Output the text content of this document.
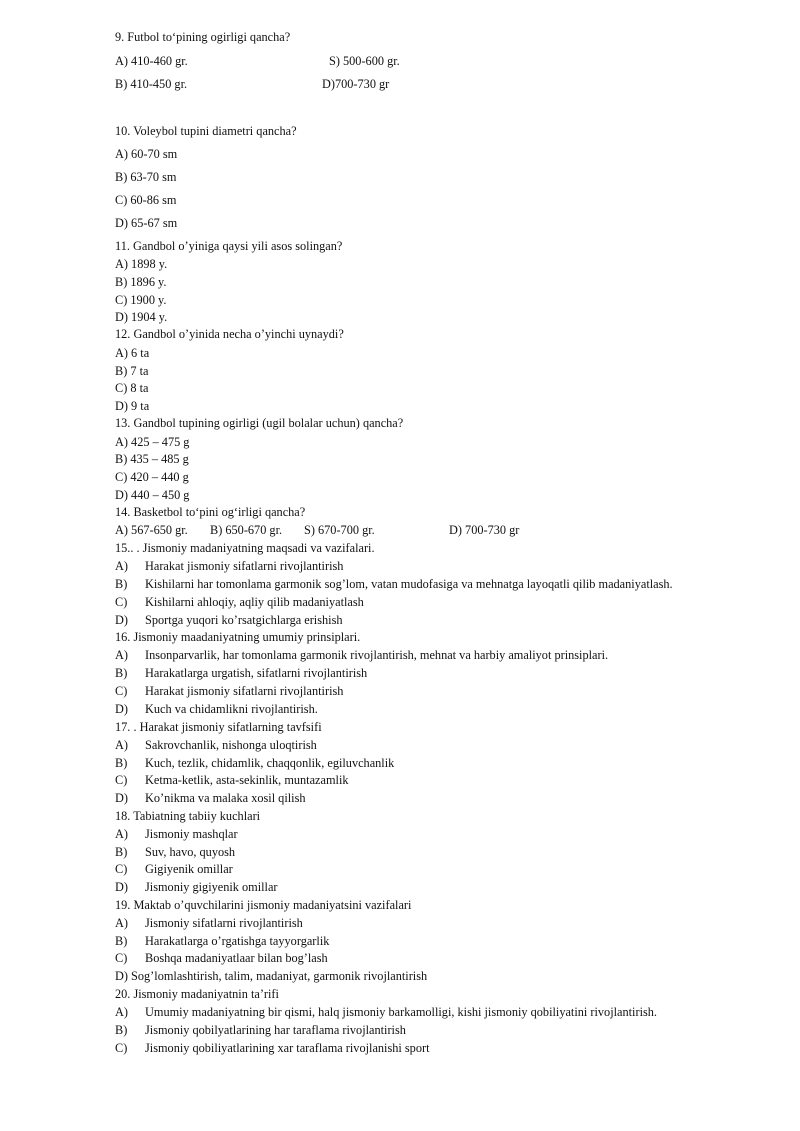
9. Futbol to‘pining ogirligi qancha?
A) 410-460 gr.	S) 500-600 gr.
B) 410-450 gr.	D)700-730 gr
10. Voleybol tupini diametri qancha?
A) 60-70 sm
B) 63-70 sm
C) 60-86 sm
D) 65-67 sm
11. Gandbol o’yiniga qaysi yili asos solingan?
A) 1898 y.
B) 1896 y.
C) 1900 y.
D) 1904 y.
12. Gandbol o’yinida necha o’yinchi uynaydi?
A) 6 ta
B) 7 ta
C) 8 ta
D) 9 ta
13. Gandbol tupining ogirligi (ugil bolalar uchun) qancha?
A) 425 – 475 g
B) 435 – 485 g
C) 420 – 440 g
D) 440 – 450 g
14. Basketbol to‘pini og‘irligi qancha?
A) 567-650 gr. B) 650-670 gr. S) 670-700 gr.	D) 700-730 gr
15.. . Jismoniy madaniyatning maqsadi va vazifalari.
A)	Harakat jismoniy sifatlarni rivojlantirish
B)	Kishilarni har tomonlama garmonik sog’lom, vatan mudofasiga va mehnatga layoqatli qilib madaniyatlash.
C)	Kishilarni ahloqiy, aqliy qilib madaniyatlash
D)	Sportga yuqori ko’rsatgichlarga erishish
16. Jismoniy maadaniyatning umumiy prinsiplari.
A)	Insonparvarlik, har tomonlama garmonik rivojlantirish, mehnat va harbiy amaliyot prinsiplari.
B)	Harakatlarga urgatish, sifatlarni rivojlantirish
C)	Harakat jismoniy sifatlarni rivojlantirish
D)	Kuch va chidamlikni rivojlantirish.
17. . Harakat jismoniy sifatlarning tavfsifi
A)	Sakrovchanlik, nishonga uloqtirish
B)	Kuch, tezlik, chidamlik, chaqqonlik, egiluvchanlik
C)	Ketma-ketlik, asta-sekinlik, muntazamlik
D)	Ko’nikma va malaka xosil qilish
18. Tabiatning tabiiy kuchlari
A)	Jismoniy mashqlar
B)	Suv, havo, quyosh
C)	Gigiyenik omillar
D)	Jismoniy gigiyenik omillar
19. Maktab o’quvchilarini jismoniy madaniyatsini vazifalari
A)	Jismoniy sifatlarni rivojlantirish
B)	Harakatlarga o’rgatishga tayyorgarlik
C)	Boshqa madaniyatlaar bilan bog’lash
D) Sog’lomlashtirish, talim, madaniyat, garmonik rivojlantirish
20. Jismoniy madaniyatnin ta’rifi
A)	Umumiy madaniyatning bir qismi, halq jismoniy barkamolligi, kishi jismoniy qobiliyatini rivojlantirish.
B)	Jismoniy qobilyatlarining har taraflama rivojlantirish
C)	Jismoniy qobiliyatlarining xar taraflama rivojlanishi sport
